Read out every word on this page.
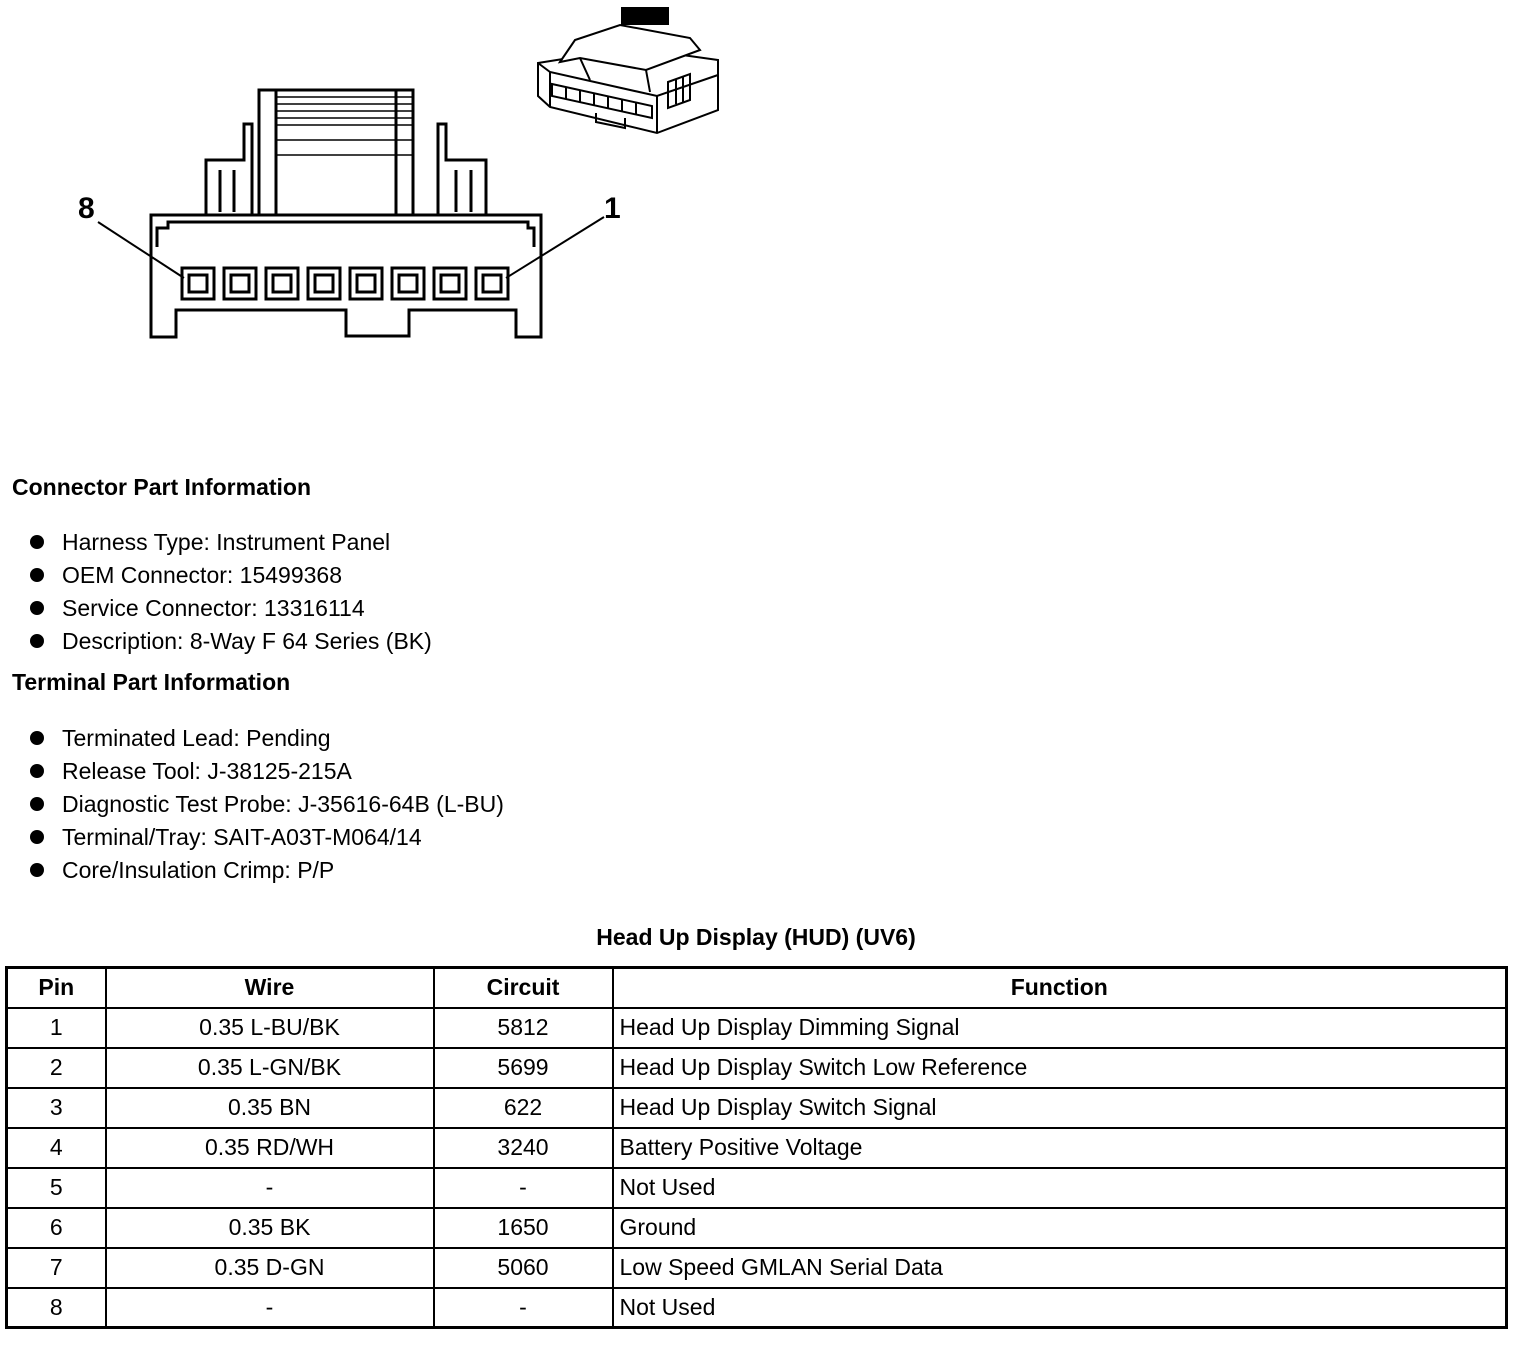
8	1
Connector Part Information
Harness Type: Instrument Panel
OEM Connector: 15499368
Service Connector: 13316114
Description: 8-Way F 64 Series (BK)
Terminal Part Information
Terminated Lead: Pending
Release Tool: J-38125-215A
Diagnostic Test Probe: J-35616-64B (L-BU)
Terminal/Tray: SAIT-A03T-M064/14
Core/Insulation Crimp: P/P
Head Up Display (HUD) (UV6)
Pin	Wire	Circuit	Function
1	0.35 L-BU/BK	5812	Head Up Display Dimming Signal
2	0.35 L-GN/BK	5699	Head Up Display Switch Low Reference
3	0.35 BN	622	Head Up Display Switch Signal
4	0.35 RD/WH	3240	Battery Positive Voltage
5	-	-	Not Used
6	0.35 BK	1650	Ground
7	0.35 D-GN	5060	Low Speed GMLAN Serial Data
8	-	-	Not Used
